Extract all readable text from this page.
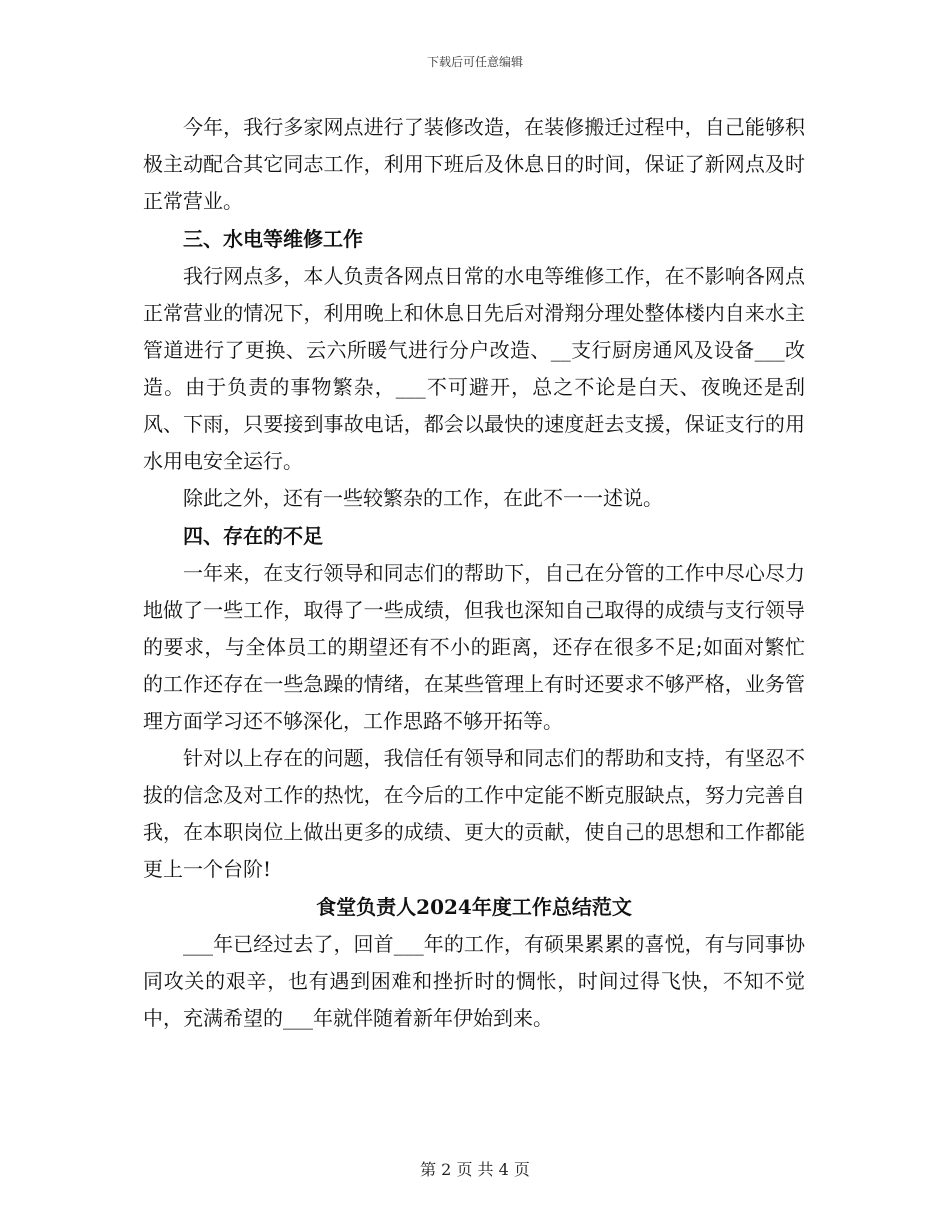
下载后可任意编辑

今年，我行多家网点进行了装修改造，在装修搬迁过程中，自己能够积极主动配合其它同志工作，利用下班后及休息日的时间，保证了新网点及时正常营业。

三、水电等维修工作

我行网点多，本人负责各网点日常的水电等维修工作，在不影响各网点正常营业的情况下，利用晚上和休息日先后对滑翔分理处整体楼内自来水主管道进行了更换、云六所暖气进行分户改造、__支行厨房通风及设备___改造。由于负责的事物繁杂，___不可避开，总之不论是白天、夜晚还是刮风、下雨，只要接到事故电话，都会以最快的速度赶去支援，保证支行的用水用电安全运行。

除此之外，还有一些较繁杂的工作，在此不一一述说。

四、存在的不足

一年来，在支行领导和同志们的帮助下，自己在分管的工作中尽心尽力地做了一些工作，取得了一些成绩，但我也深知自己取得的成绩与支行领导的要求，与全体员工的期望还有不小的距离，还存在很多不足;如面对繁忙的工作还存在一些急躁的情绪，在某些管理上有时还要求不够严格，业务管理方面学习还不够深化，工作思路不够开拓等。

针对以上存在的问题，我信任有领导和同志们的帮助和支持，有坚忍不拔的信念及对工作的热忱，在今后的工作中定能不断克服缺点，努力完善自我，在本职岗位上做出更多的成绩、更大的贡献，使自己的思想和工作都能更上一个台阶!

食堂负责人2024年度工作总结范文

___年已经过去了，回首___年的工作，有硕果累累的喜悦，有与同事协同攻关的艰辛，也有遇到困难和挫折时的惆怅，时间过得飞快，不知不觉中，充满希望的___年就伴随着新年伊始到来。

第 2 页 共 4 页
